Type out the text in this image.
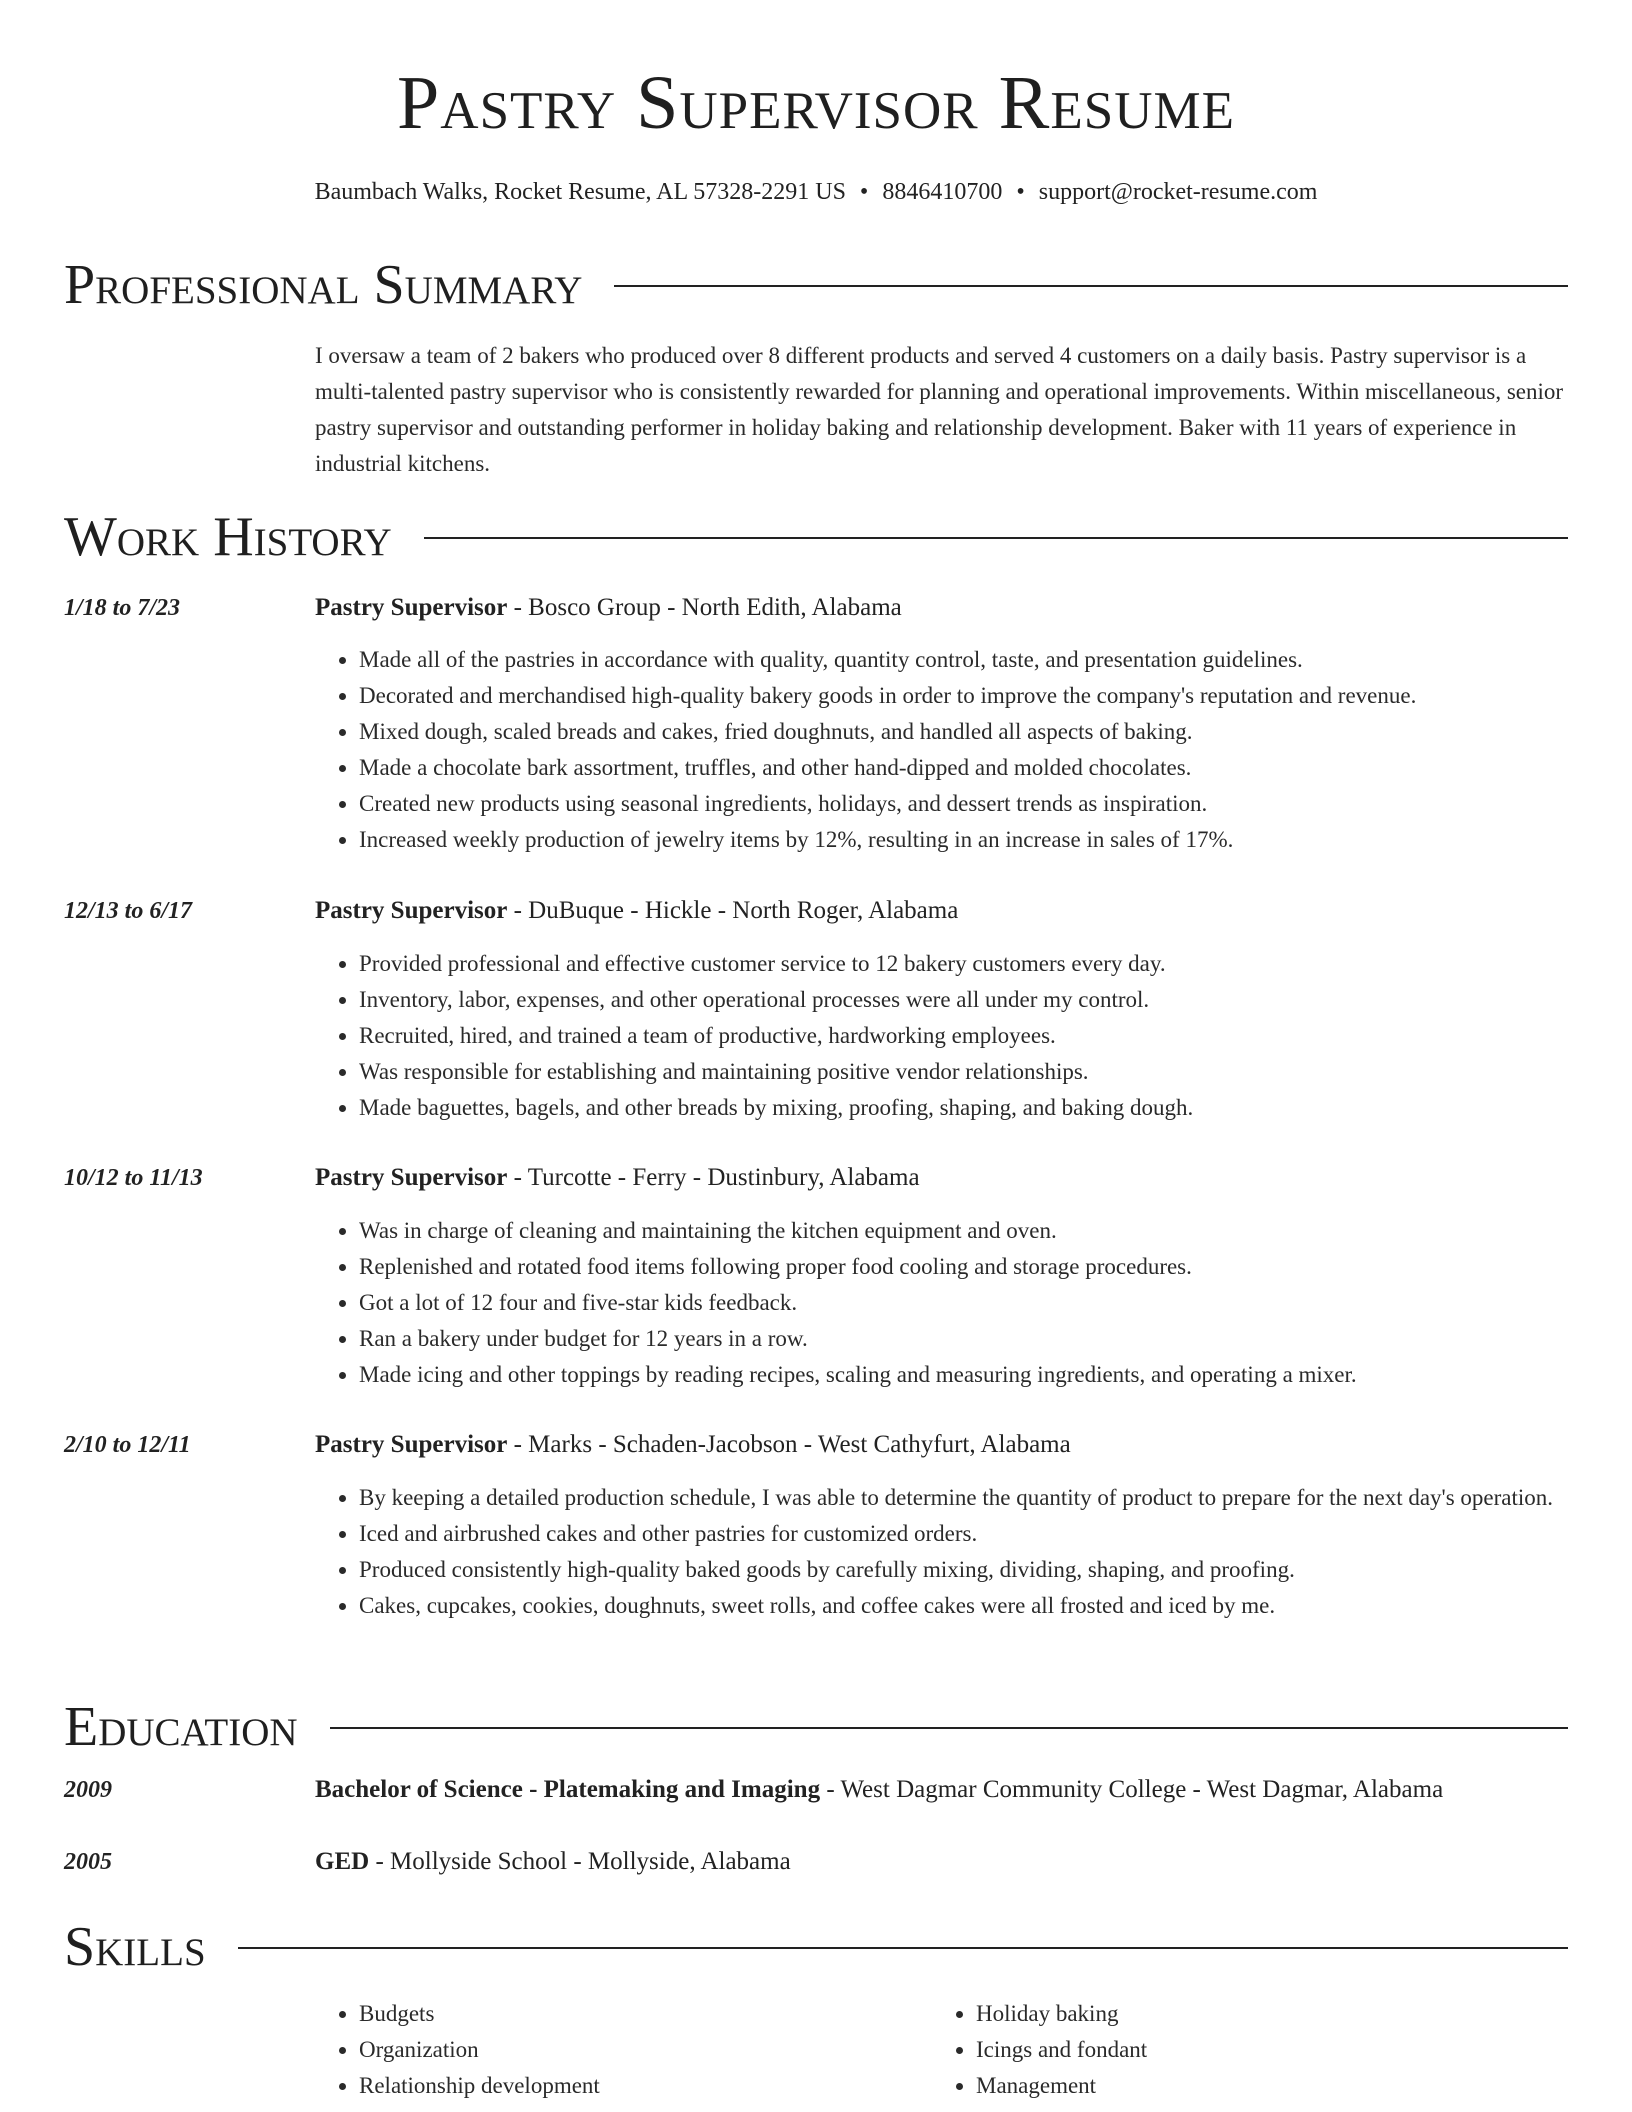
Pastry Supervisor Resume
Baumbach Walks, Rocket Resume, AL 57328-2291 US • 8846410700 • support@rocket-resume.com
Professional Summary
I oversaw a team of 2 bakers who produced over 8 different products and served 4 customers on a daily basis. Pastry supervisor is a multi-talented pastry supervisor who is consistently rewarded for planning and operational improvements. Within miscellaneous, senior pastry supervisor and outstanding performer in holiday baking and relationship development. Baker with 11 years of experience in industrial kitchens.
Work History
1/18 to 7/23	Pastry Supervisor - Bosco Group - North Edith, Alabama
• Made all of the pastries in accordance with quality, quantity control, taste, and presentation guidelines.
• Decorated and merchandised high-quality bakery goods in order to improve the company's reputation and revenue.
• Mixed dough, scaled breads and cakes, fried doughnuts, and handled all aspects of baking.
• Made a chocolate bark assortment, truffles, and other hand-dipped and molded chocolates.
• Created new products using seasonal ingredients, holidays, and dessert trends as inspiration.
• Increased weekly production of jewelry items by 12%, resulting in an increase in sales of 17%.
12/13 to 6/17	Pastry Supervisor - DuBuque - Hickle - North Roger, Alabama
• Provided professional and effective customer service to 12 bakery customers every day.
• Inventory, labor, expenses, and other operational processes were all under my control.
• Recruited, hired, and trained a team of productive, hardworking employees.
• Was responsible for establishing and maintaining positive vendor relationships.
• Made baguettes, bagels, and other breads by mixing, proofing, shaping, and baking dough.
10/12 to 11/13	Pastry Supervisor - Turcotte - Ferry - Dustinbury, Alabama
• Was in charge of cleaning and maintaining the kitchen equipment and oven.
• Replenished and rotated food items following proper food cooling and storage procedures.
• Got a lot of 12 four and five-star kids feedback.
• Ran a bakery under budget for 12 years in a row.
• Made icing and other toppings by reading recipes, scaling and measuring ingredients, and operating a mixer.
2/10 to 12/11	Pastry Supervisor - Marks - Schaden-Jacobson - West Cathyfurt, Alabama
• By keeping a detailed production schedule, I was able to determine the quantity of product to prepare for the next day's operation.
• Iced and airbrushed cakes and other pastries for customized orders.
• Produced consistently high-quality baked goods by carefully mixing, dividing, shaping, and proofing.
• Cakes, cupcakes, cookies, doughnuts, sweet rolls, and coffee cakes were all frosted and iced by me.
Education
2009	Bachelor of Science - Platemaking and Imaging - West Dagmar Community College - West Dagmar, Alabama
2005	GED - Mollyside School - Mollyside, Alabama
Skills
• Budgets
• Organization
• Relationship development
• Holiday baking
• Icings and fondant
• Management
